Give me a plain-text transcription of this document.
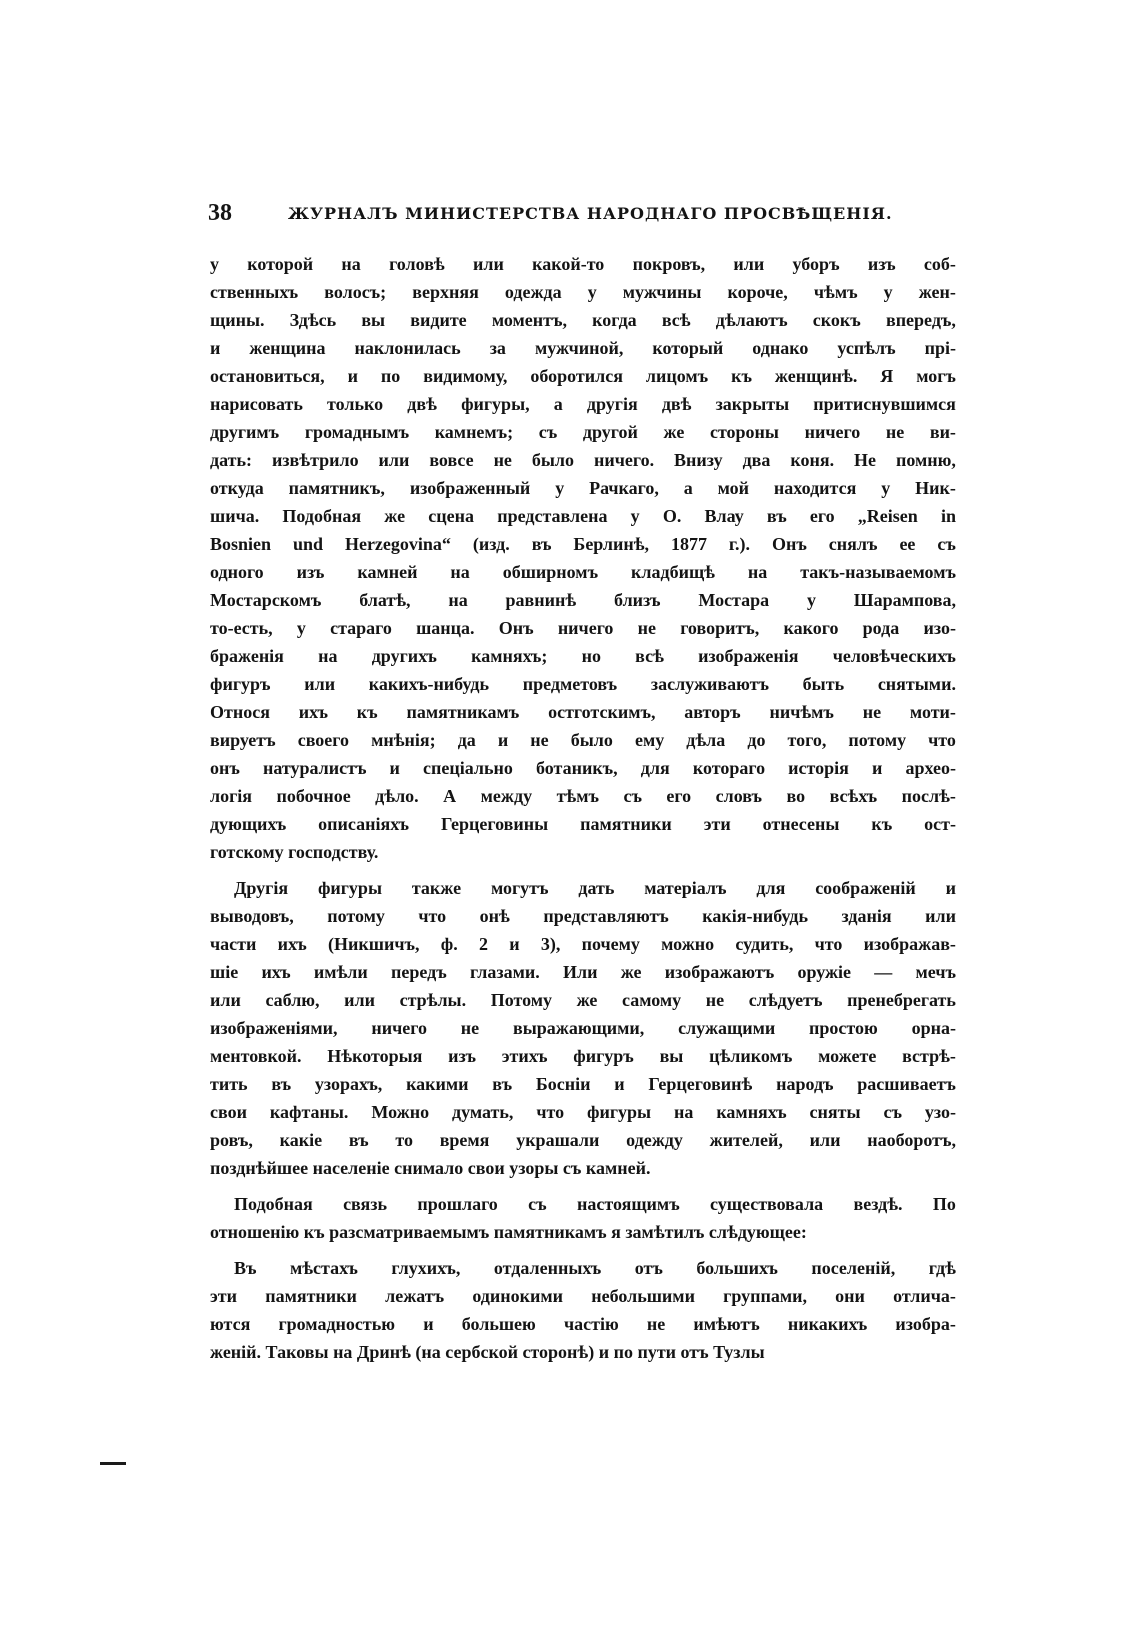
38	ЖУРНАЛЪ МИНИСТЕРСТВА НАРОДНАГО ПРОСВѢЩЕНІЯ.
у которой на головѣ или какой-то покровъ, или уборъ изъ соб-
ственныхъ волосъ; верхняя одежда у мужчины короче, чѣмъ у жен-
щины. Здѣсь вы видите моментъ, когда всѣ дѣлаютъ скокъ впередъ,
и женщина наклонилась за мужчиной, который однако успѣлъ прі-
остановиться, и по видимому, оборотился лицомъ къ женщинѣ. Я могъ
нарисовать только двѣ фигуры, а другія двѣ закрыты притиснувшимся
другимъ громаднымъ камнемъ; съ другой же стороны ничего не ви-
дать: извѣтрило или вовсе не было ничего. Внизу два коня. Не помню,
откуда памятникъ, изображенный у Рачкаго, а мой находится у Ник-
шича. Подобная же сцена представлена у О. Влау въ его „Reisen in
Bosnien und Herzegovina“ (изд. въ Берлинѣ, 1877 г.). Онъ снялъ ее съ
одного изъ камней на обширномъ кладбищѣ на такъ-называемомъ
Мостарскомъ блатѣ, на равнинѣ близъ Мостара у Шарампова,
то-есть, у стараго шанца. Онъ ничего не говоритъ, какого рода изо-
браженія на другихъ камняхъ; но всѣ изображенія человѣческихъ
фигуръ или какихъ-нибудь предметовъ заслуживаютъ быть снятыми.
Относя ихъ къ памятникамъ остготскимъ, авторъ ничѣмъ не моти-
вируетъ своего мнѣнія; да и не было ему дѣла до того, потому что
онъ натуралистъ и спеціально ботаникъ, для котораго исторія и архео-
логія побочное дѣло. А между тѣмъ съ его словъ во всѣхъ послѣ-
дующихъ описаніяхъ Герцеговины памятники эти отнесены къ ост-
готскому господству.
Другія фигуры также могутъ дать матеріалъ для соображеній и
выводовъ, потому что онѣ представляютъ какія-нибудь зданія или
части ихъ (Никшичъ, ф. 2 и 3), почему можно судить, что изображав-
шіе ихъ имѣли передъ глазами. Или же изображаютъ оружіе — мечъ
или саблю, или стрѣлы. Потому же самому не слѣдуетъ пренебрегать
изображеніями, ничего не выражающими, служащими простою орна-
ментовкой. Нѣкоторыя изъ этихъ фигуръ вы цѣликомъ можете встрѣ-
тить въ узорахъ, какими въ Босніи и Герцеговинѣ народъ расшиваетъ
свои кафтаны. Можно думать, что фигуры на камняхъ сняты съ узо-
ровъ, какіе въ то время украшали одежду жителей, или наоборотъ,
позднѣйшее населеніе снимало свои узоры съ камней.
Подобная связь прошлаго съ настоящимъ существовала вездѣ. По
отношенію къ разсматриваемымъ памятникамъ я замѣтилъ слѣдующее:
Въ мѣстахъ глухихъ, отдаленныхъ отъ большихъ поселеній, гдѣ
эти памятники лежатъ одинокими небольшими группами, они отлича-
ются громадностью и большею частію не имѣютъ никакихъ изобра-
женій. Таковы на Дринѣ (на сербской сторонѣ) и по пути отъ Тузлы
